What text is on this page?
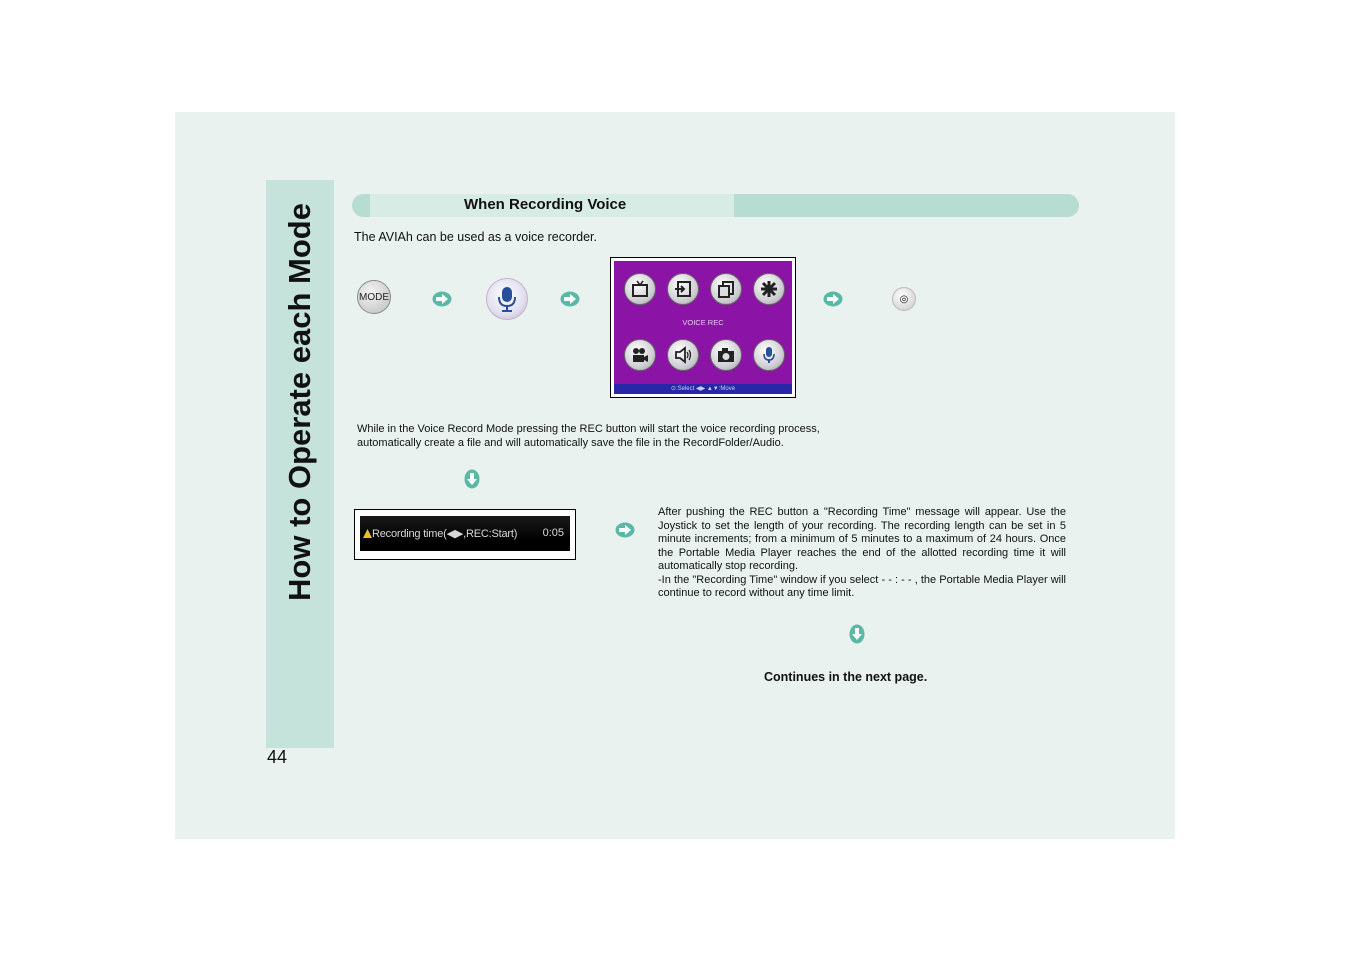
How to Operate each Mode
44
When Recording Voice
The AVIAh can be used as a voice recorder.
MODE
VOICE REC
⊙:Select ◀▶ ▲▼:Move
◎
While in the Voice Record Mode pressing the REC button will start the voice recording process,
automatically create a file and will automatically save the file in the RecordFolder/Audio.
Recording time(◀▶,REC:Start) 0:05

After pushing the REC button a "Recording Time" message will appear. Use the Joystick to set the length of your recording. The recording length can be set in 5 minute increments; from a minimum of 5 minutes to a maximum of 24 hours. Once the Portable Media Player reaches the end of the allotted recording time it will automatically stop recording.

-In the "Recording Time" window if you select - - : - - , the Portable Media Player will continue to record without any time limit.

Continues in the next page.
